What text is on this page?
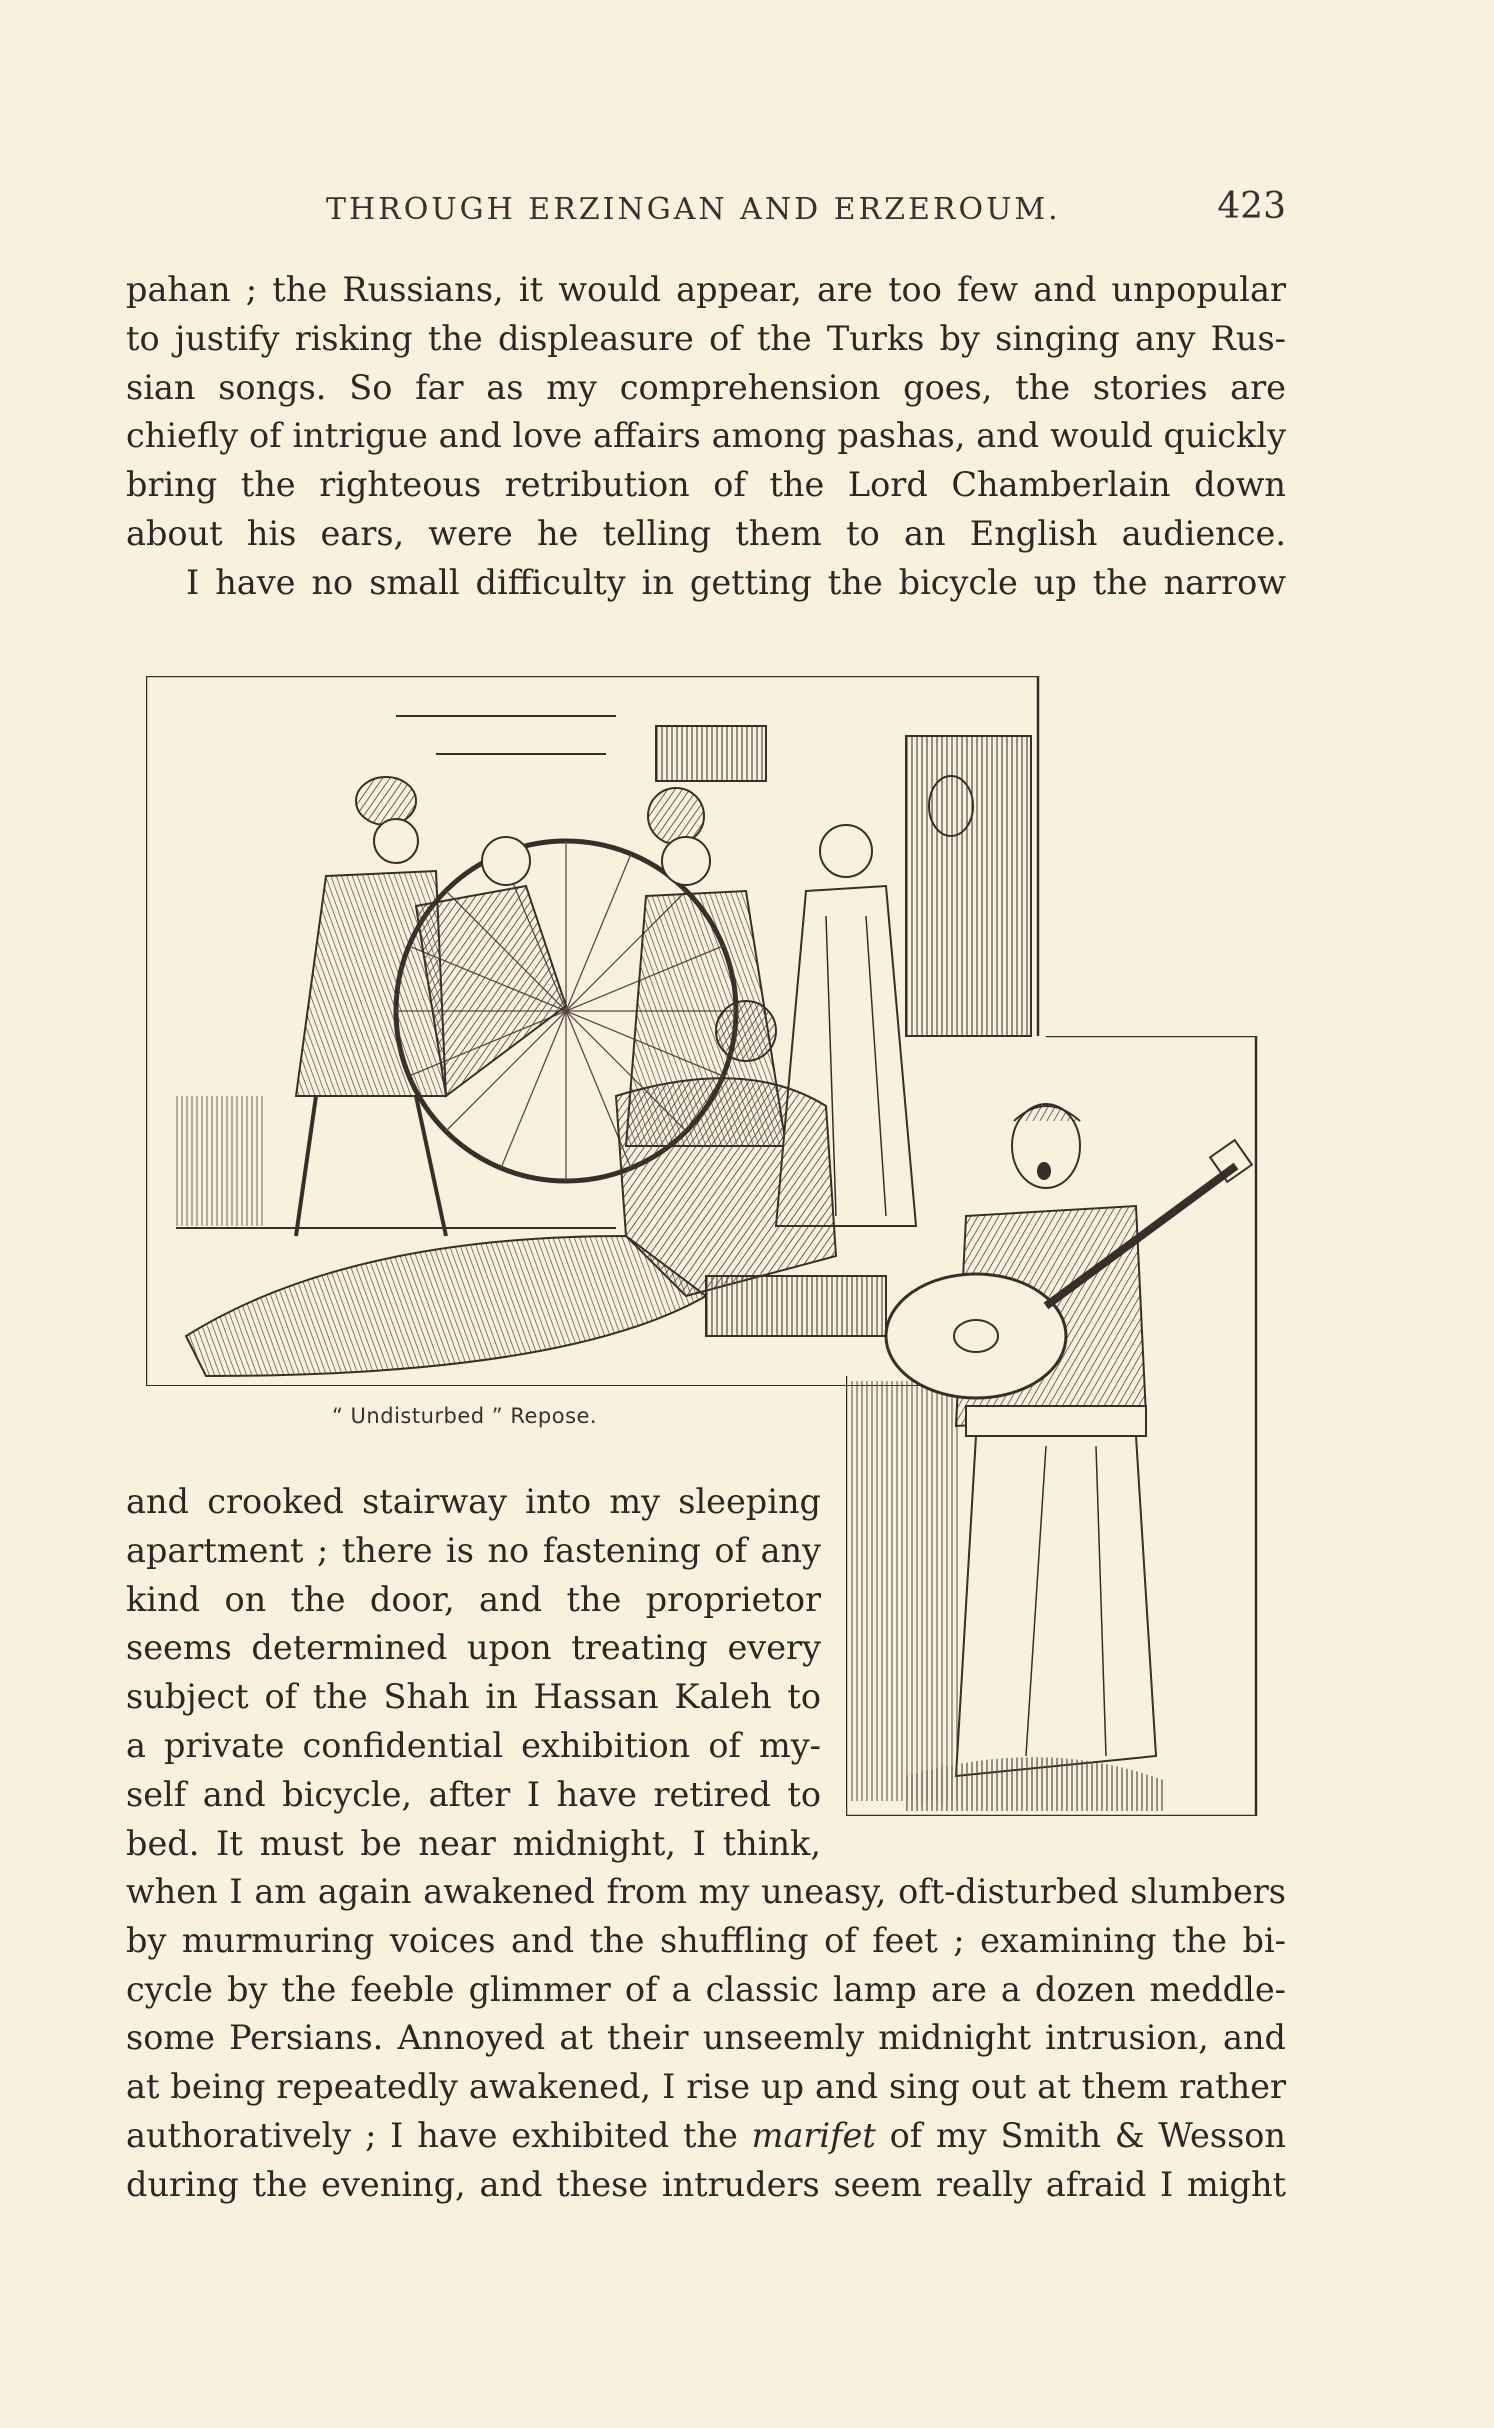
THROUGH ERZINGAN AND ERZEROUM.	423
pahan ; the Russians, it would appear, are too few and unpopular
to justify risking the displeasure of the Turks by singing any Rus-
sian songs. So far as my comprehension goes, the stories are
chiefly of intrigue and love affairs among pashas, and would quickly
bring the righteous retribution of the Lord Chamberlain down
about his ears, were he telling them to an English audience.
I have no small difficulty in getting the bicycle up the narrow
“ Undisturbed ” Repose.
and crooked stairway into my sleeping
apartment ; there is no fastening of any
kind on the door, and the proprietor
seems determined upon treating every
subject of the Shah in Hassan Kaleh to
a private confidential exhibition of my-
self and bicycle, after I have retired to
bed. It must be near midnight, I think,
when I am again awakened from my uneasy, oft-disturbed slumbers
by murmuring voices and the shuffling of feet ; examining the bi-
cycle by the feeble glimmer of a classic lamp are a dozen meddle-
some Persians. Annoyed at their unseemly midnight intrusion, and
at being repeatedly awakened, I rise up and sing out at them rather
authoratively ; I have exhibited the marifet of my Smith & Wesson
during the evening, and these intruders seem really afraid I might
